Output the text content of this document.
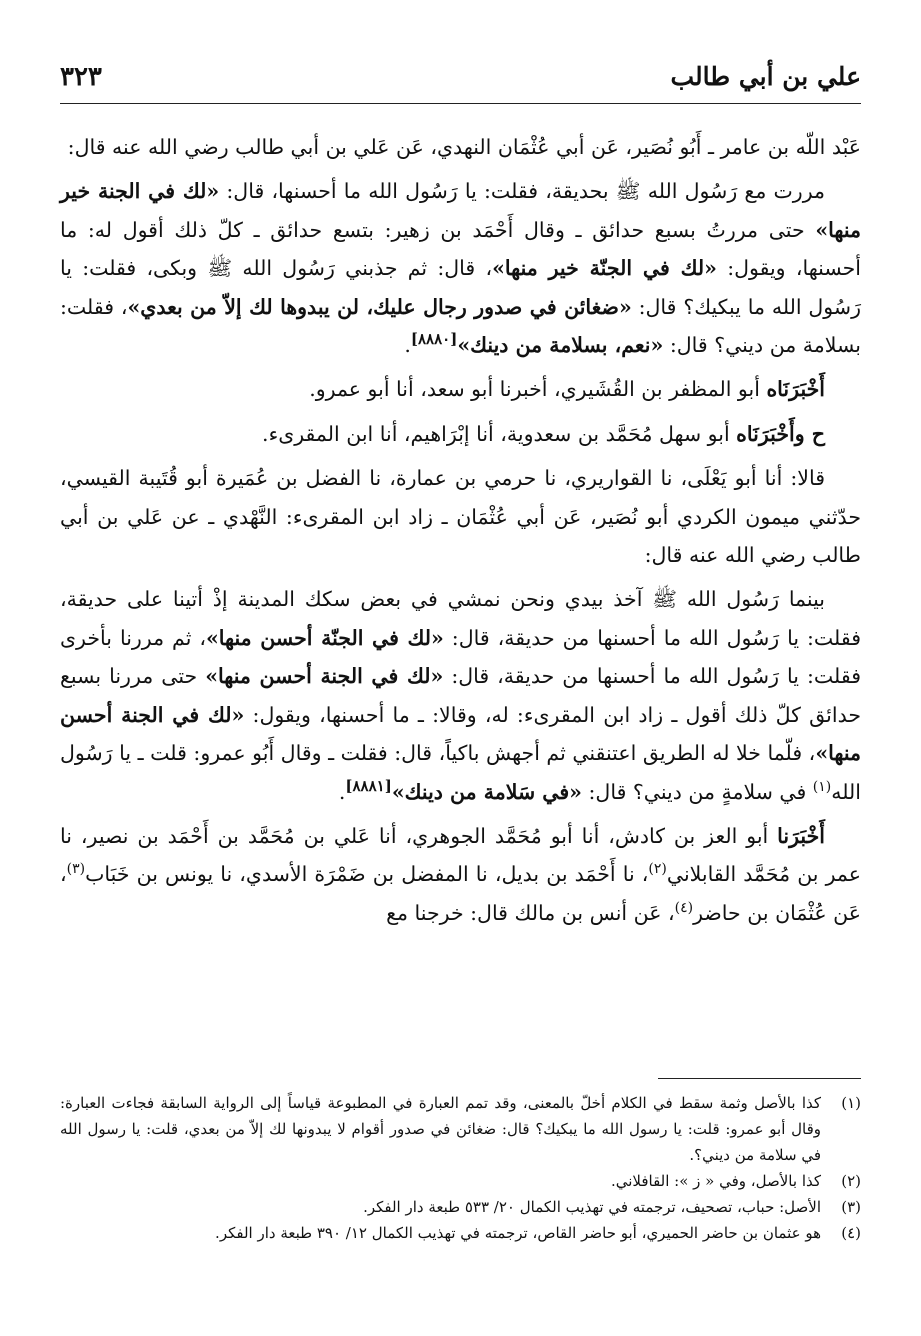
٣٢٣	علي بن أبي طالب

عَبْد اللّه بن عامر ـ أَبُو نُصَير، عَن أبي عُثْمَان النهدي، عَن عَلي بن أبي طالب رضي الله عنه قال:

مررت مع رَسُول الله ﷺ بحديقة، فقلت: يا رَسُول الله ما أحسنها، قال: «لك في الجنة خير منها» حتى مررتُ بسبع حدائق ـ وقال أَحْمَد بن زهير: بتسع حدائق ـ كلّ ذلك أقول له: ما أحسنها، ويقول: «لك في الجنّة خير منها»، قال: ثم جذبني رَسُول الله ﷺ وبكى، فقلت: يا رَسُول الله ما يبكيك؟ قال: «ضغائن في صدور رجال عليك، لن يبدوها لك إلاّ من بعدي»، فقلت: بسلامة من ديني؟ قال: «نعم، بسلامة من دينك»[٨٨٨٠].

أَخْبَرَنَاه أبو المظفر بن القُشَيري، أخبرنا أبو سعد، أنا أبو عمرو.

ح وأَخْبَرَنَاه أبو سهل مُحَمَّد بن سعدوية، أنا إبْرَاهيم، أنا ابن المقرىء.

قالا: أنا أبو يَعْلَى، نا القواريري، نا حرمي بن عمارة، نا الفضل بن عُمَيرة أبو قُتَيبة القيسي، حدّثني ميمون الكردي أبو نُصَير، عَن أبي عُثْمَان ـ زاد ابن المقرىء: النَّهْدي ـ عن عَلي بن أبي طالب رضي الله عنه قال:

بينما رَسُول الله ﷺ آخذ بيدي ونحن نمشي في بعض سكك المدينة إذْ أتينا على حديقة، فقلت: يا رَسُول الله ما أحسنها من حديقة، قال: «لك في الجنّة أحسن منها»، ثم مررنا بأخرى فقلت: يا رَسُول الله ما أحسنها من حديقة، قال: «لك في الجنة أحسن منها» حتى مررنا بسبع حدائق كلّ ذلك أقول ـ زاد ابن المقرىء: له، وقالا: ـ ما أحسنها، ويقول: «لك في الجنة أحسن منها»، فلّما خلا له الطريق اعتنقني ثم أجهش باكياً، قال: فقلت ـ وقال أَبُو عمرو: قلت ـ يا رَسُول الله$^{(١)}$ في سلامةٍ من ديني؟ قال: «في سَلامة من دينك»[٨٨٨١].

أَخْبَرَنا أبو العز بن كادش، أنا أبو مُحَمَّد الجوهري، أنا عَلي بن مُحَمَّد بن أَحْمَد بن نصير، نا عمر بن مُحَمَّد القابلاني$^{(٢)}$، نا أَحْمَد بن بديل، نا المفضل بن ضَمْرَة الأسدي، نا يونس بن خَبَاب$^{(٣)}$، عَن عُثْمَان بن حاضر$^{(٤)}$، عَن أنس بن مالك قال: خرجنا مع

(١)
كذا بالأصل وثمة سقط في الكلام أخلّ بالمعنى، وقد تمم العبارة في المطبوعة قياساً إلى الرواية السابقة فجاءت العبارة: وقال أبو عمرو: قلت: يا رسول الله ما يبكيك؟ قال: ضغائن في صدور أقوام لا يبدونها لك إلاّ من بعدي، قلت: يا رسول الله في سلامة من ديني؟.
(٢)
كذا بالأصل، وفي « ز »: القافلاني.
(٣)
الأصل: حباب، تصحيف، ترجمته في تهذيب الكمال ٢٠/ ٥٣٣ طبعة دار الفكر.
(٤)
هو عثمان بن حاضر الحميري، أبو حاضر القاص، ترجمته في تهذيب الكمال ١٢/ ٣٩٠ طبعة دار الفكر.
